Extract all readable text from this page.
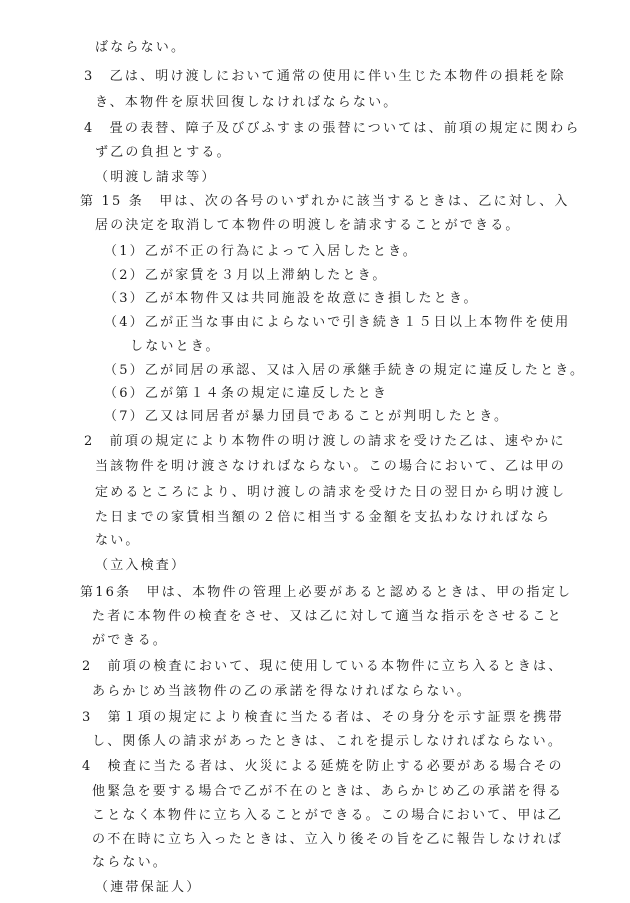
ばならない。
3　乙は、明け渡しにおいて通常の使用に伴い生じた本物件の損耗を除
き、本物件を原状回復しなければならない。
4　畳の表替、障子及びびふすまの張替については、前項の規定に関わら
ず乙の負担とする。
（明渡し請求等）
第 15 条　甲は、次の各号のいずれかに該当するときは、乙に対し、入
居の決定を取消して本物件の明渡しを請求することができる。
（1）乙が不正の行為によって入居したとき。
（2）乙が家賃を３月以上滞納したとき。
（3）乙が本物件又は共同施設を故意にき損したとき。
（4）乙が正当な事由によらないで引き続き１５日以上本物件を使用
しないとき。
（5）乙が同居の承認、又は入居の承継手続きの規定に違反したとき。
（6）乙が第１４条の規定に違反したとき
（7）乙又は同居者が暴力団員であることが判明したとき。
2　前項の規定により本物件の明け渡しの請求を受けた乙は、速やかに
当該物件を明け渡さなければならない。この場合において、乙は甲の
定めるところにより、明け渡しの請求を受けた日の翌日から明け渡し
た日までの家賃相当額の２倍に相当する金額を支払わなければなら
ない。
（立入検査）
第16条　甲は、本物件の管理上必要があると認めるときは、甲の指定し
た者に本物件の検査をさせ、又は乙に対して適当な指示をさせること
ができる。
2　前項の検査において、現に使用している本物件に立ち入るときは、
あらかじめ当該物件の乙の承諾を得なければならない。
3　第１項の規定により検査に当たる者は、その身分を示す証票を携帯
し、関係人の請求があったときは、これを提示しなければならない。
4　検査に当たる者は、火災による延焼を防止する必要がある場合その
他緊急を要する場合で乙が不在のときは、あらかじめ乙の承諾を得る
ことなく本物件に立ち入ることができる。この場合において、甲は乙
の不在時に立ち入ったときは、立入り後その旨を乙に報告しなければ
ならない。
（連帯保証人）
